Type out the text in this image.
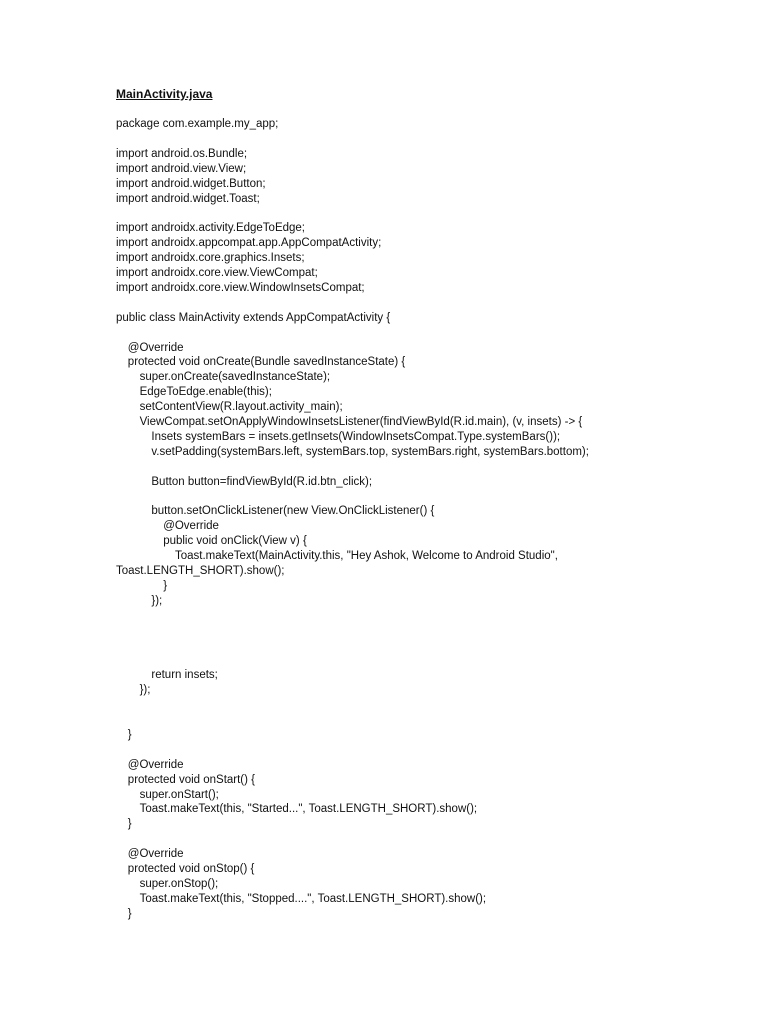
MainActivity.java
package com.example.my_app;
import android.os.Bundle;
import android.view.View;
import android.widget.Button;
import android.widget.Toast;
import androidx.activity.EdgeToEdge;
import androidx.appcompat.app.AppCompatActivity;
import androidx.core.graphics.Insets;
import androidx.core.view.ViewCompat;
import androidx.core.view.WindowInsetsCompat;
public class MainActivity extends AppCompatActivity {
@Override
protected void onCreate(Bundle savedInstanceState) {
super.onCreate(savedInstanceState);
EdgeToEdge.enable(this);
setContentView(R.layout.activity_main);
ViewCompat.setOnApplyWindowInsetsListener(findViewById(R.id.main), (v, insets) -> {
Insets systemBars = insets.getInsets(WindowInsetsCompat.Type.systemBars());
v.setPadding(systemBars.left, systemBars.top, systemBars.right, systemBars.bottom);
Button button=findViewById(R.id.btn_click);
button.setOnClickListener(new View.OnClickListener() {
@Override
public void onClick(View v) {
Toast.makeText(MainActivity.this, "Hey Ashok, Welcome to Android Studio",
Toast.LENGTH_SHORT).show();
}
});
return insets;
});
}
@Override
protected void onStart() {
super.onStart();
Toast.makeText(this, "Started...", Toast.LENGTH_SHORT).show();
}
@Override
protected void onStop() {
super.onStop();
Toast.makeText(this, "Stopped....", Toast.LENGTH_SHORT).show();
}
